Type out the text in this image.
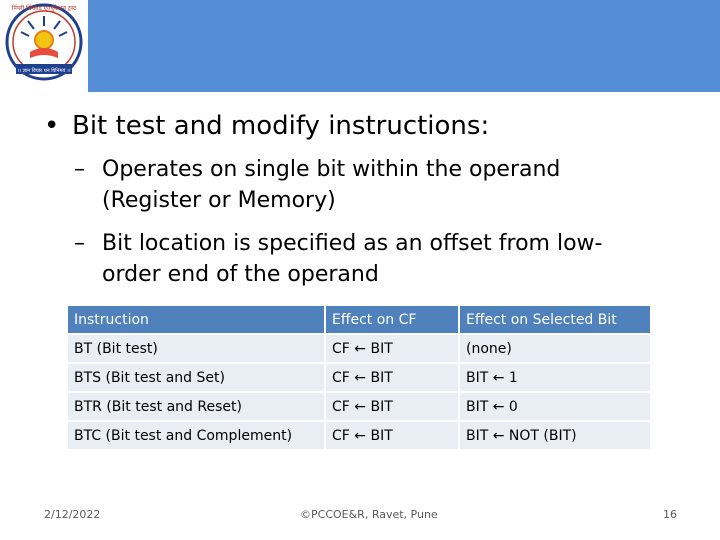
पिंपरी चिंचवड एज्युकेशन ट्रस्ट
।। ज्ञान विचार धन विनिमयं ।।
• Bit test and modify instructions:
– Operates on single bit within the operand (Register or Memory)
– Bit location is specified as an offset from low-order end of the operand
Instruction	Effect on CF	Effect on Selected Bit
BT (Bit test)	CF ← BIT	(none)
BTS (Bit test and Set)	CF ← BIT	BIT ← 1
BTR (Bit test and Reset)	CF ← BIT	BIT ← 0
BTC (Bit test and Complement)	CF ← BIT	BIT ← NOT (BIT)
2/12/2022	©PCCOE&R, Ravet, Pune	16
